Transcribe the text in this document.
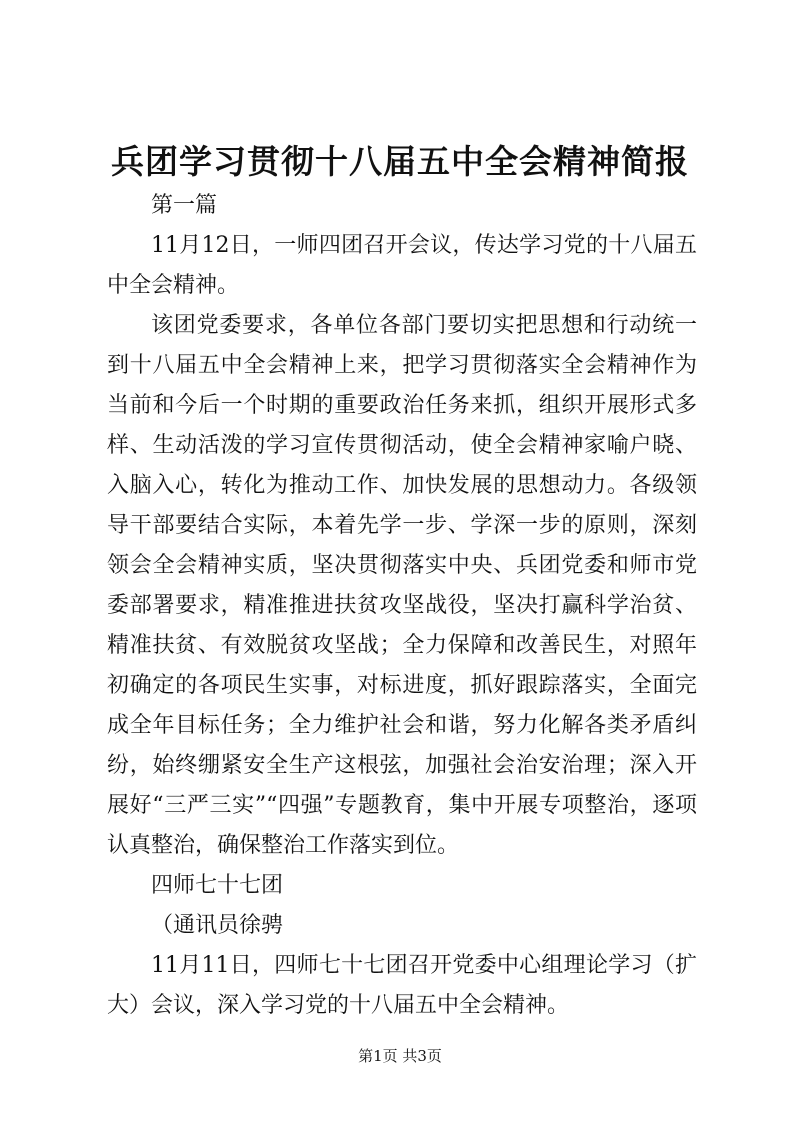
兵团学习贯彻十八届五中全会精神简报

第一篇

11月12日，一师四团召开会议，传达学习党的十八届五中全会精神。

该团党委要求，各单位各部门要切实把思想和行动统一到十八届五中全会精神上来，把学习贯彻落实全会精神作为当前和今后一个时期的重要政治任务来抓，组织开展形式多样、生动活泼的学习宣传贯彻活动，使全会精神家喻户晓、入脑入心，转化为推动工作、加快发展的思想动力。各级领导干部要结合实际，本着先学一步、学深一步的原则，深刻领会全会精神实质，坚决贯彻落实中央、兵团党委和师市党委部署要求，精准推进扶贫攻坚战役，坚决打赢科学治贫、精准扶贫、有效脱贫攻坚战；全力保障和改善民生，对照年初确定的各项民生实事，对标进度，抓好跟踪落实，全面完成全年目标任务；全力维护社会和谐，努力化解各类矛盾纠纷，始终绷紧安全生产这根弦，加强社会治安治理；深入开展好“三严三实”“四强”专题教育，集中开展专项整治，逐项认真整治，确保整治工作落实到位。

四师七十七团

（通讯员徐骋

11月11日，四师七十七团召开党委中心组理论学习（扩大）会议，深入学习党的十八届五中全会精神。

第1页 共3页
